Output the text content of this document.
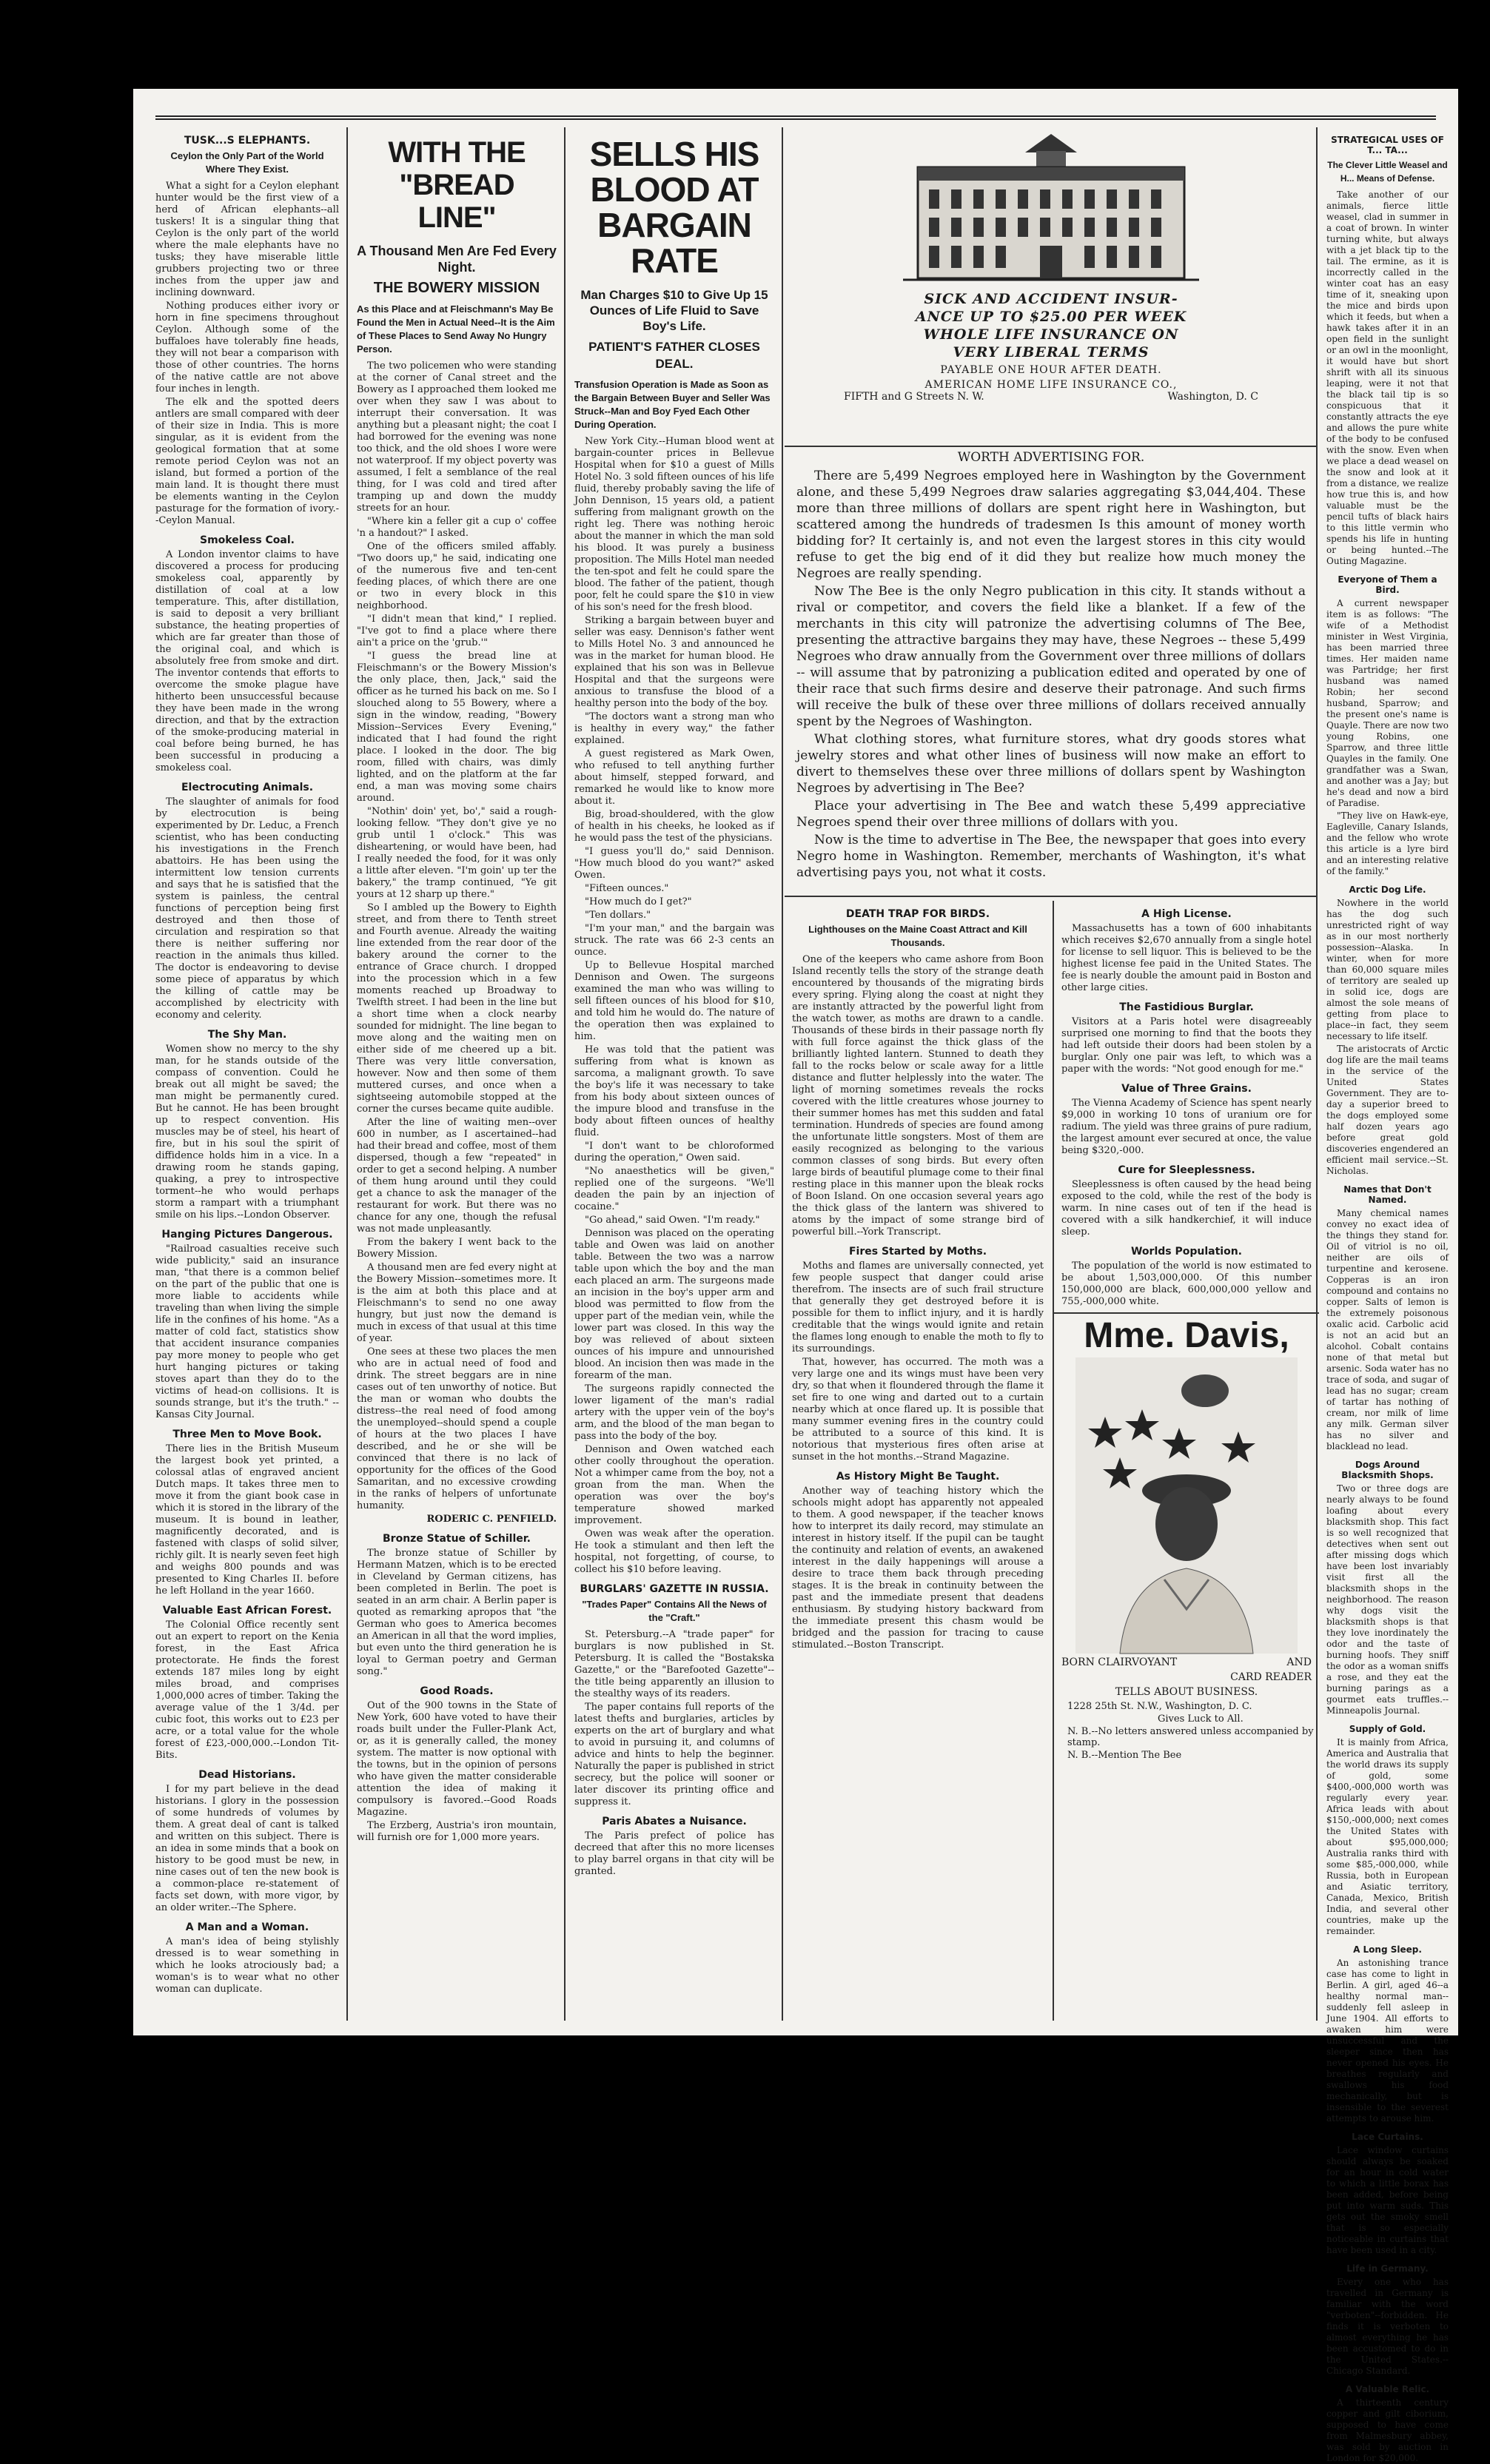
TUSK...S ELEPHANTS.
Ceylon the Only Part of the World Where They Exist.

What a sight for a Ceylon elephant hunter would be the first view of a herd of African elephants--all tuskers! It is a singular thing that Ceylon is the only part of the world where the male elephants have no tusks; they have miserable little grubbers projecting two or three inches from the upper jaw and inclining downward.

Nothing produces either ivory or horn in fine specimens throughout Ceylon. Although some of the buffaloes have tolerably fine heads, they will not bear a comparison with those of other countries. The horns of the native cattle are not above four inches in length.

The elk and the spotted deers antlers are small compared with deer of their size in India. This is more singular, as it is evident from the geological formation that at some remote period Ceylon was not an island, but formed a portion of the main land. It is thought there must be elements wanting in the Ceylon pasturage for the formation of ivory.--Ceylon Manual.

Smokeless Coal.

A London inventor claims to have discovered a process for producing smokeless coal, apparently by distillation of coal at a low temperature. This, after distillation, is said to deposit a very brilliant substance, the heating properties of which are far greater than those of the original coal, and which is absolutely free from smoke and dirt. The inventor contends that efforts to overcome the smoke plague have hitherto been unsuccessful because they have been made in the wrong direction, and that by the extraction of the smoke-producing material in coal before being burned, he has been successful in producing a smokeless coal.

Electrocuting Animals.

The slaughter of animals for food by electrocution is being experimented by Dr. Leduc, a French scientist, who has been conducting his investigations in the French abattoirs. He has been using the intermittent low tension currents and says that he is satisfied that the system is painless, the central functions of perception being first destroyed and then those of circulation and respiration so that there is neither suffering nor reaction in the animals thus killed. The doctor is endeavoring to devise some piece of apparatus by which the killing of cattle may be accomplished by electricity with economy and celerity.

The Shy Man.

Women show no mercy to the shy man, for he stands outside of the compass of convention. Could he break out all might be saved; the man might be permanently cured. But he cannot. He has been brought up to respect convention. His muscles may be of steel, his heart of fire, but in his soul the spirit of diffidence holds him in a vice. In a drawing room he stands gaping, quaking, a prey to introspective torment--he who would perhaps storm a rampart with a triumphant smile on his lips.--London Observer.

Hanging Pictures Dangerous.

"Railroad casualties receive such wide publicity," said an insurance man, "that there is a common belief on the part of the public that one is more liable to accidents while traveling than when living the simple life in the confines of his home. "As a matter of cold fact, statistics show that accident insurance companies pay more money to people who get hurt hanging pictures or taking stoves apart than they do to the victims of head-on collisions. It is sounds strange, but it's the truth." --Kansas City Journal.

Three Men to Move Book.

There lies in the British Museum the largest book yet printed, a colossal atlas of engraved ancient Dutch maps. It takes three men to move it from the giant book case in which it is stored in the library of the museum. It is bound in leather, magnificently decorated, and is fastened with clasps of solid silver, richly gilt. It is nearly seven feet high and weighs 800 pounds and was presented to King Charles II. before he left Holland in the year 1660.

Valuable East African Forest.

The Colonial Office recently sent out an expert to report on the Kenia forest, in the East Africa protectorate. He finds the forest extends 187 miles long by eight miles broad, and comprises 1,000,000 acres of timber. Taking the average value of the 1 3/4d. per cubic foot, this works out to £23 per acre, or a total value for the whole forest of £23,-000,000.--London Tit-Bits.

Dead Historians.

I for my part believe in the dead historians. I glory in the possession of some hundreds of volumes by them. A great deal of cant is talked and written on this subject. There is an idea in some minds that a book on history to be good must be new, in nine cases out of ten the new book is a common-place re-statement of facts set down, with more vigor, by an older writer.--The Sphere.

A Man and a Woman.

A man's idea of being stylishly dressed is to wear something in which he looks atrociously bad; a woman's is to wear what no other woman can duplicate.

WITH THE "BREAD LINE"
A Thousand Men Are Fed Every Night.
THE BOWERY MISSION
As this Place and at Fleischmann's May Be Found the Men in Actual Need--It is the Aim of These Places to Send Away No Hungry Person.

The two policemen who were standing at the corner of Canal street and the Bowery as I approached them looked me over when they saw I was about to interrupt their conversation. It was anything but a pleasant night; the coat I had borrowed for the evening was none too thick, and the old shoes I wore were not waterproof. If my object poverty was assumed, I felt a semblance of the real thing, for I was cold and tired after tramping up and down the muddy streets for an hour.

"Where kin a feller git a cup o' coffee 'n a handout?" I asked.

One of the officers smiled affably. "Two doors up," he said, indicating one of the numerous five and ten-cent feeding places, of which there are one or two in every block in this neighborhood.

"I didn't mean that kind," I replied. "I've got to find a place where there ain't a price on the 'grub.'"

"I guess the bread line at Fleischmann's or the Bowery Mission's the only place, then, Jack," said the officer as he turned his back on me. So I slouched along to 55 Bowery, where a sign in the window, reading, "Bowery Mission--Services Every Evening," indicated that I had found the right place. I looked in the door. The big room, filled with chairs, was dimly lighted, and on the platform at the far end, a man was moving some chairs around.

"Nothin' doin' yet, bo'," said a rough-looking fellow. "They don't give ye no grub until 1 o'clock." This was disheartening, or would have been, had I really needed the food, for it was only a little after eleven. "I'm goin' up ter the bakery," the tramp continued, "Ye git yours at 12 sharp up there."

So I ambled up the Bowery to Eighth street, and from there to Tenth street and Fourth avenue. Already the waiting line extended from the rear door of the bakery around the corner to the entrance of Grace church. I dropped into the procession which in a few moments reached up Broadway to Twelfth street. I had been in the line but a short time when a clock nearby sounded for midnight. The line began to move along and the waiting men on either side of me cheered up a bit. There was very little conversation, however. Now and then some of them muttered curses, and once when a sightseeing automobile stopped at the corner the curses became quite audible.

After the line of waiting men--over 600 in number, as I ascertained--had had their bread and coffee, most of them dispersed, though a few "repeated" in order to get a second helping. A number of them hung around until they could get a chance to ask the manager of the restaurant for work. But there was no chance for any one, though the refusal was not made unpleasantly.

From the bakery I went back to the Bowery Mission.

A thousand men are fed every night at the Bowery Mission--sometimes more. It is the aim at both this place and at Fleischmann's to send no one away hungry, but just now the demand is much in excess of that usual at this time of year.

One sees at these two places the men who are in actual need of food and drink. The street beggars are in nine cases out of ten unworthy of notice. But the man or woman who doubts the distress--the real need of food among the unemployed--should spend a couple of hours at the two places I have described, and he or she will be convinced that there is no lack of opportunity for the offices of the Good Samaritan, and no excessive crowding in the ranks of helpers of unfortunate humanity.

RODERIC C. PENFIELD.

Bronze Statue of Schiller.

The bronze statue of Schiller by Hermann Matzen, which is to be erected in Cleveland by German citizens, has been completed in Berlin. The poet is seated in an arm chair. A Berlin paper is quoted as remarking apropos that "the German who goes to America becomes an American in all that the word implies, but even unto the third generation he is loyal to German poetry and German song."

Good Roads.

Out of the 900 towns in the State of New York, 600 have voted to have their roads built under the Fuller-Plank Act, or, as it is generally called, the money system. The matter is now optional with the towns, but in the opinion of persons who have given the matter considerable attention the idea of making it compulsory is favored.--Good Roads Magazine.

The Erzberg, Austria's iron mountain, will furnish ore for 1,000 more years.

SELLS HIS BLOOD AT BARGAIN RATE
Man Charges $10 to Give Up 15 Ounces of Life Fluid to Save Boy's Life.
PATIENT'S FATHER CLOSES DEAL.
Transfusion Operation is Made as Soon as the Bargain Between Buyer and Seller Was Struck--Man and Boy Fyed Each Other During Operation.

New York City.--Human blood went at bargain-counter prices in Bellevue Hospital when for $10 a guest of Mills Hotel No. 3 sold fifteen ounces of his life fluid, thereby probably saving the life of John Dennison, 15 years old, a patient suffering from malignant growth on the right leg. There was nothing heroic about the manner in which the man sold his blood. It was purely a business proposition. The Mills Hotel man needed the ten-spot and felt he could spare the blood. The father of the patient, though poor, felt he could spare the $10 in view of his son's need for the fresh blood.

Striking a bargain between buyer and seller was easy. Dennison's father went to Mills Hotel No. 3 and announced he was in the market for human blood. He explained that his son was in Bellevue Hospital and that the surgeons were anxious to transfuse the blood of a healthy person into the body of the boy.

"The doctors want a strong man who is healthy in every way," the father explained.

A guest registered as Mark Owen, who refused to tell anything further about himself, stepped forward, and remarked he would like to know more about it.

Big, broad-shouldered, with the glow of health in his cheeks, he looked as if he would pass the test of the physicians.

"I guess you'll do," said Dennison. "How much blood do you want?" asked Owen.

"Fifteen ounces."

"How much do I get?"

"Ten dollars."

"I'm your man," and the bargain was struck. The rate was 66 2-3 cents an ounce.

Up to Bellevue Hospital marched Dennison and Owen. The surgeons examined the man who was willing to sell fifteen ounces of his blood for $10, and told him he would do. The nature of the operation then was explained to him.

He was told that the patient was suffering from what is known as sarcoma, a malignant growth. To save the boy's life it was necessary to take from his body about sixteen ounces of the impure blood and transfuse in the body about fifteen ounces of healthy fluid.

"I don't want to be chloroformed during the operation," Owen said.

"No anaesthetics will be given," replied one of the surgeons. "We'll deaden the pain by an injection of cocaine."

"Go ahead," said Owen. "I'm ready."

Dennison was placed on the operating table and Owen was laid on another table. Between the two was a narrow table upon which the boy and the man each placed an arm. The surgeons made an incision in the boy's upper arm and blood was permitted to flow from the upper part of the median vein, while the lower part was closed. In this way the boy was relieved of about sixteen ounces of his impure and unnourished blood. An incision then was made in the forearm of the man.

The surgeons rapidly connected the lower ligament of the man's radial artery with the upper vein of the boy's arm, and the blood of the man began to pass into the body of the boy.

Dennison and Owen watched each other coolly throughout the operation. Not a whimper came from the boy, not a groan from the man. When the operation was over the boy's temperature showed marked improvement.

Owen was weak after the operation. He took a stimulant and then left the hospital, not forgetting, of course, to collect his $10 before leaving.

BURGLARS' GAZETTE IN RUSSIA.
"Trades Paper" Contains All the News of the "Craft."

St. Petersburg.--A "trade paper" for burglars is now published in St. Petersburg. It is called the "Bostakska Gazette," or the "Barefooted Gazette"--the title being apparently an illusion to the stealthy ways of its readers.

The paper contains full reports of the latest thefts and burglaries, articles by experts on the art of burglary and what to avoid in pursuing it, and columns of advice and hints to help the beginner. Naturally the paper is published in strict secrecy, but the police will sooner or later discover its printing office and suppress it.

Paris Abates a Nuisance.

The Paris prefect of police has decreed that after this no more licenses to play barrel organs in that city will be granted.

SICK AND ACCIDENT INSUR-
ANCE UP TO $25.00 PER WEEK
WHOLE LIFE INSURANCE ON
VERY LIBERAL TERMS
PAYABLE ONE HOUR AFTER DEATH.
AMERICAN HOME LIFE INSURANCE CO.,
FIFTH and G Streets N. W.	Washington, D. C
WORTH ADVERTISING FOR.

There are 5,499 Negroes employed here in Washington by the Government alone, and these 5,499 Negroes draw salaries aggregating $3,044,404. These more than three millions of dollars are spent right here in Washington, but scattered among the hundreds of tradesmen Is this amount of money worth bidding for? It certainly is, and not even the largest stores in this city would refuse to get the big end of it did they but realize how much money the Negroes are really spending.

Now The Bee is the only Negro publication in this city. It stands without a rival or competitor, and covers the field like a blanket. If a few of the merchants in this city will patronize the advertising columns of The Bee, presenting the attractive bargains they may have, these Negroes -- these 5,499 Negroes who draw annually from the Government over three millions of dollars -- will assume that by patronizing a publication edited and operated by one of their race that such firms desire and deserve their patronage. And such firms will receive the bulk of these over three millions of dollars received annually spent by the Negroes of Washington.

What clothing stores, what furniture stores, what dry goods stores what jewelry stores and what other lines of business will now make an effort to divert to themselves these over three millions of dollars spent by Washington Negroes by advertising in The Bee?

Place your advertising in The Bee and watch these 5,499 appreciative Negroes spend their over three millions of dollars with you.

Now is the time to advertise in The Bee, the newspaper that goes into every Negro home in Washington. Remember, merchants of Washington, it's what advertising pays you, not what it costs.

DEATH TRAP FOR BIRDS.
Lighthouses on the Maine Coast Attract and Kill Thousands.

One of the keepers who came ashore from Boon Island recently tells the story of the strange death encountered by thousands of the migrating birds every spring. Flying along the coast at night they are instantly attracted by the powerful light from the watch tower, as moths are drawn to a candle. Thousands of these birds in their passage north fly with full force against the thick glass of the brilliantly lighted lantern. Stunned to death they fall to the rocks below or scale away for a little distance and flutter helplessly into the water. The light of morning sometimes reveals the rocks covered with the little creatures whose journey to their summer homes has met this sudden and fatal termination. Hundreds of species are found among the unfortunate little songsters. Most of them are easily recognized as belonging to the various common classes of song birds. But every often large birds of beautiful plumage come to their final resting place in this manner upon the bleak rocks of Boon Island. On one occasion several years ago the thick glass of the lantern was shivered to atoms by the impact of some strange bird of powerful bill.--York Transcript.

Fires Started by Moths.

Moths and flames are universally connected, yet few people suspect that danger could arise therefrom. The insects are of such frail structure that generally they get destroyed before it is possible for them to inflict injury, and it is hardly creditable that the wings would ignite and retain the flames long enough to enable the moth to fly to its surroundings.

That, however, has occurred. The moth was a very large one and its wings must have been very dry, so that when it floundered through the flame it set fire to one wing and darted out to a curtain nearby which at once flared up. It is possible that many summer evening fires in the country could be attributed to a source of this kind. It is notorious that mysterious fires often arise at sunset in the hot months.--Strand Magazine.

As History Might Be Taught.

Another way of teaching history which the schools might adopt has apparently not appealed to them. A good newspaper, if the teacher knows how to interpret its daily record, may stimulate an interest in history itself. If the pupil can be taught the continuity and relation of events, an awakened interest in the daily happenings will arouse a desire to trace them back through preceding stages. It is the break in continuity between the past and the immediate present that deadens enthusiasm. By studying history backward from the immediate present this chasm would be bridged and the passion for tracing to cause stimulated.--Boston Transcript.

A High License.

Massachusetts has a town of 600 inhabitants which receives $2,670 annually from a single hotel for license to sell liquor. This is believed to be the highest license fee paid in the United States. The fee is nearly double the amount paid in Boston and other large cities.

The Fastidious Burglar.

Visitors at a Paris hotel were disagreeably surprised one morning to find that the boots they had left outside their doors had been stolen by a burglar. Only one pair was left, to which was a paper with the words: "Not good enough for me."

Value of Three Grains.

The Vienna Academy of Science has spent nearly $9,000 in working 10 tons of uranium ore for radium. The yield was three grains of pure radium, the largest amount ever secured at once, the value being $320,-000.

Cure for Sleeplessness.

Sleeplessness is often caused by the head being exposed to the cold, while the rest of the body is warm. In nine cases out of ten if the head is covered with a silk handkerchief, it will induce sleep.

Worlds Population.

The population of the world is now estimated to be about 1,503,000,000. Of this number 150,000,000 are black, 600,000,000 yellow and 755,-000,000 white.

Mme. Davis,
BORN CLAIRVOYANT	AND
CARD READER
TELLS ABOUT BUSINESS.
1228 25th St. N.W., Washington, D. C.
Gives Luck to All.
N. B.--No letters answered unless accompanied by stamp.
N. B.--Mention The Bee
STRATEGICAL USES OF T... TA...
The Clever Little Weasel and H... Means of Defense.

Take another of our animals, fierce little weasel, clad in summer in a coat of brown. In winter turning white, but always with a jet black tip to the tail. The ermine, as it is incorrectly called in the winter coat has an easy time of it, sneaking upon the mice and birds upon which it feeds, but when a hawk takes after it in an open field in the sunlight or an owl in the moonlight, it would have but short shrift with all its sinuous leaping, were it not that the black tail tip is so conspicuous that it constantly attracts the eye and allows the pure white of the body to be confused with the snow. Even when we place a dead weasel on the snow and look at it from a distance, we realize how true this is, and how valuable must be the pencil tufts of black hairs to this little vermin who spends his life in hunting or being hunted.--The Outing Magazine.

Everyone of Them a Bird.

A current newspaper item is as follows: "The wife of a Methodist minister in West Virginia, has been married three times. Her maiden name was Partridge; her first husband was named Robin; her second husband, Sparrow; and the present one's name is Quayle. There are now two young Robins, one Sparrow, and three little Quayles in the family. One grandfather was a Swan, and another was a Jay; but he's dead and now a bird of Paradise.

"They live on Hawk-eye, Eagleville, Canary Islands, and the fellow who wrote this article is a lyre bird and an interesting relative of the family."

Arctic Dog Life.

Nowhere in the world has the dog such unrestricted right of way as in our most northerly possession--Alaska. In winter, when for more than 60,000 square miles of territory are sealed up in solid ice, dogs are almost the sole means of getting from place to place--in fact, they seem necessary to life itself.

The aristocrats of Arctic dog life are the mail teams in the service of the United States Government. They are to-day a superior breed to the dogs employed some half dozen years ago before great gold discoveries engendered an efficient mail service.--St. Nicholas.

Names that Don't Named.

Many chemical names convey no exact idea of the things they stand for. Oil of vitriol is no oil, neither are oils of turpentine and kerosene. Copperas is an iron compound and contains no copper. Salts of lemon is the extremely poisonous oxalic acid. Carbolic acid is not an acid but an alcohol. Cobalt contains none of that metal but arsenic. Soda water has no trace of soda, and sugar of lead has no sugar; cream of tartar has nothing of cream, nor milk of lime any milk. German silver has no silver and blacklead no lead.

Dogs Around Blacksmith Shops.

Two or three dogs are nearly always to be found loafing about every blacksmith shop. This fact is so well recognized that detectives when sent out after missing dogs which have been lost invariably visit first all the blacksmith shops in the neighborhood. The reason why dogs visit the blacksmith shops is that they love inordinately the odor and the taste of burning hoofs. They sniff the odor as a woman sniffs a rose, and they eat the burning parings as a gourmet eats truffles.--Minneapolis Journal.

Supply of Gold.

It is mainly from Africa, America and Australia that the world draws its supply of gold, some $400,-000,000 worth was regularly every year. Africa leads with about $150,-000,000; next comes the United States with about $95,000,000; Australia ranks third with some $85,-000,000, while Russia, both in European and Asiatic territory, Canada, Mexico, British India, and several other countries, make up the remainder.

A Long Sleep.

An astonishing trance case has come to light in Berlin. A girl, aged 46--a healthy normal man--suddenly fell asleep in June 1904. All efforts to awaken him were unsuccessful and the sleeper since then has never opened his eyes. He breathes regularly and swallows his food mechanically, but is insensible to the severest attempts to arouse him.

Lace Curtains.

Lace window curtains should always be soaked for an hour in cold water to which a little borax has been added, before being put into warm suds. This gets out the smoky smell that is so especially noticeable in curtains that have been used in a city.

Life in Germany.

Every one who has travelled in Germany is familiar with the word "verboten"--forbidden. He finds it is verboten to almost everything he has been accustomed to do in the United States.--Chicago Standard.

A Valuable Relic.

A thirteenth century copper and gilt ciborium, supposed to have come from Malmesbury abbey, was sold by auction in London for $20,000.
